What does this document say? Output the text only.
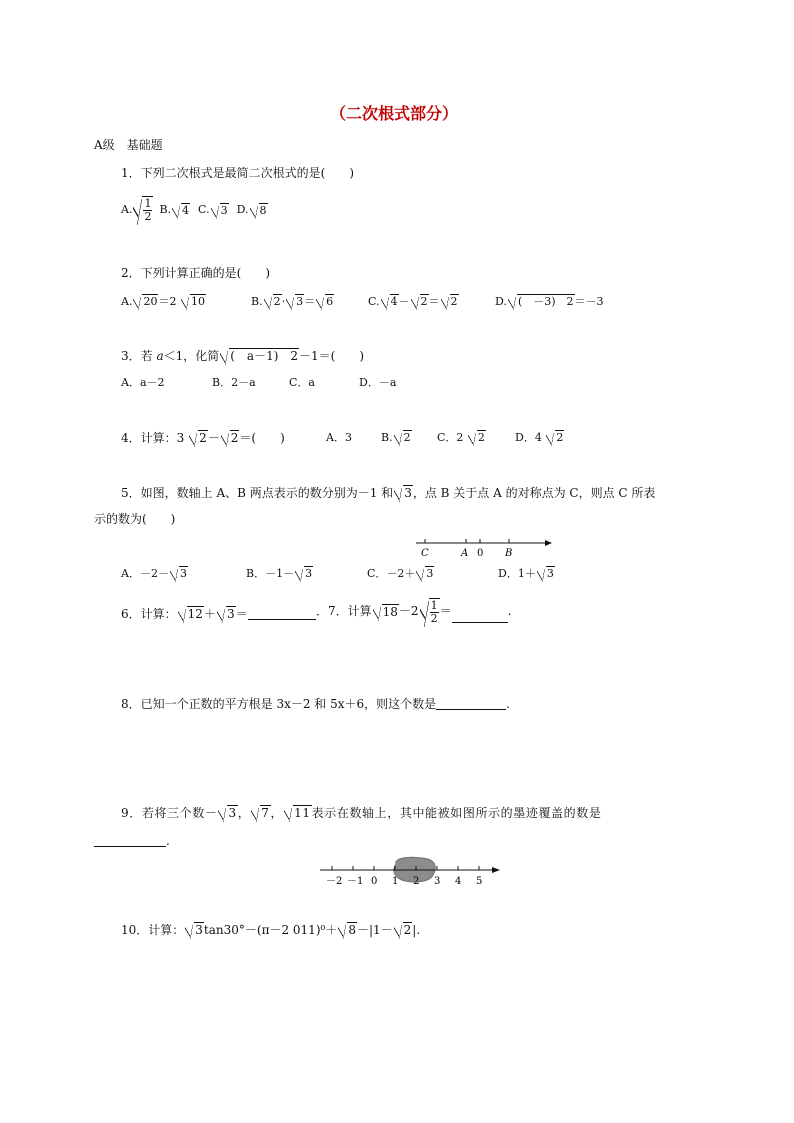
（二次根式部分）
A级　基础题
1．下列二次根式是最简二次根式的是(　　)
A. $\frac{1}{2} B$.	4 C.	3 D.	8
2．下列计算正确的是(　　)
A. 20＝2 10	B. 2· 3＝ 6	C. 4－ 2＝ 2	D. (　－3)　2＝－3
3．若 a＜1，化简 (　a－1)　2－1＝(　　)
A．a－2	B．2－a	C．a	D．－a
4．计算：3 2－ 2＝(　　)	A．3	B. 2 C．2 2	D．4 2
5．如图，数轴上 A、B 两点表示的数分别为－1 和 3，点 B 关于点 A 的对称点为 C，则点 C 所表
示的数为(　　)
C	A 0 B
A．－2－ 3	B．－1－ 3	C．－2＋ 3	D．1＋ 3
6．计算： 12 ＋ 3 ＝	．7．计算 $18 -2 \frac{1}{2}$ ＝	.
8．已知一个正数的平方根是 3x－2 和 5x＋6，则这个数是	.
9．若将三个数－ 3， 7， 11表示在数轴上，其中能被如图所示的墨迹覆盖的数是
.
－2 －1 0 1 2 3 4 5
10．计算： 3tan30°－(π－2 011)⁰＋ 8－|1－ 2|.
